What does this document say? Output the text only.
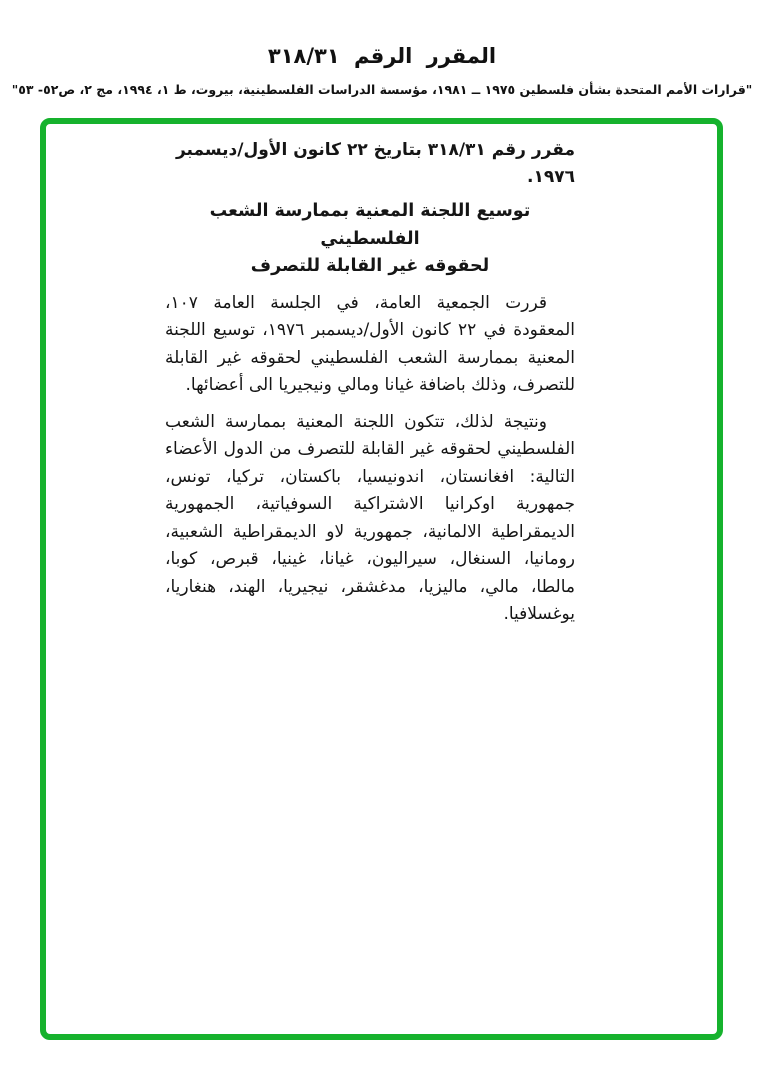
المقرر الرقم ٣١٨/٣١
"قرارات الأمم المتحدة بشأن فلسطين ١٩٧٥ ــ ١٩٨١، مؤسسة الدراسات الفلسطينية، بيروت، ط ١، ١٩٩٤، مج ٢، ص٥٢- ٥٣"
مقرر رقم ٣١٨/٣١ بتاريخ ٢٢ كانون الأول/ديسمبر ١٩٧٦.
توسيع اللجنة المعنية بممارسة الشعب الفلسطيني
لحقوقه غير القابلة للتصرف

قررت الجمعية العامة، في الجلسة العامة ١٠٧، المعقودة في ٢٢ كانون الأول/ديسمبر ١٩٧٦، توسيع اللجنة المعنية بممارسة الشعب الفلسطيني لحقوقه غير القابلة للتصرف، وذلك باضافة غيانا ومالي ونيجيريا الى أعضائها.

ونتيجة لذلك، تتكون اللجنة المعنية بممارسة الشعب الفلسطيني لحقوقه غير القابلة للتصرف من الدول الأعضاء التالية: افغانستان، اندونيسيا، باكستان، تركيا، تونس، جمهورية اوكرانيا الاشتراكية السوفياتية، الجمهورية الديمقراطية الالمانية، جمهورية لاو الديمقراطية الشعبية، رومانيا، السنغال، سيراليون، غيانا، غينيا، قبرص، كوبا، مالطا، مالي، ماليزيا، مدغشقر، نيجيريا، الهند، هنغاريا، يوغسلافيا.
